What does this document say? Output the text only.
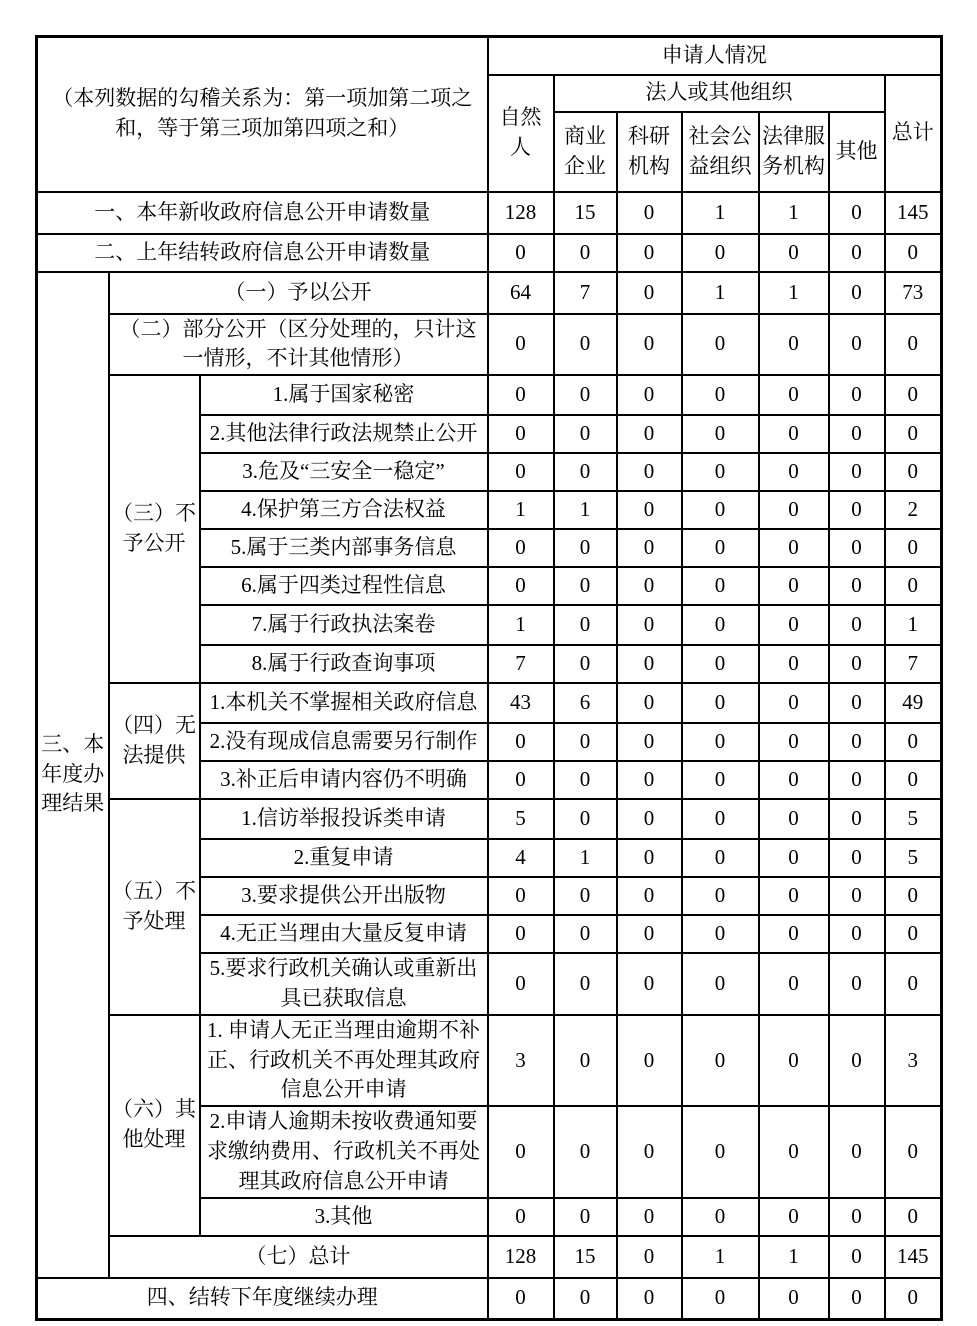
（本列数据的勾稽关系为：第一项加第二项之和，等于第三项加第四项之和）			申请人情况						
			自然人	法人或其他组织					总计
				商业企业	科研机构	社会公益组织	法律服务机构	其他	
一、本年新收政府信息公开申请数量			128	15	0	1	1	0	145
二、上年结转政府信息公开申请数量			0	0	0	0	0	0	0
三、本年度办理结果	（一）予以公开		64	7	0	1	1	0	73
	（二）部分公开（区分处理的，只计这一情形，不计其他情形）		0	0	0	0	0	0	0
	（三）不予公开	1.属于国家秘密	0	0	0	0	0	0	0
		2.其他法律行政法规禁止公开	0	0	0	0	0	0	0
		3.危及“三安全一稳定”	0	0	0	0	0	0	0
		4.保护第三方合法权益	1	1	0	0	0	0	2
		5.属于三类内部事务信息	0	0	0	0	0	0	0
		6.属于四类过程性信息	0	0	0	0	0	0	0
		7.属于行政执法案卷	1	0	0	0	0	0	1
		8.属于行政查询事项	7	0	0	0	0	0	7
	（四）无法提供	1.本机关不掌握相关政府信息	43	6	0	0	0	0	49
		2.没有现成信息需要另行制作	0	0	0	0	0	0	0
		3.补正后申请内容仍不明确	0	0	0	0	0	0	0
	（五）不予处理	1.信访举报投诉类申请	5	0	0	0	0	0	5
		2.重复申请	4	1	0	0	0	0	5
		3.要求提供公开出版物	0	0	0	0	0	0	0
		4.无正当理由大量反复申请	0	0	0	0	0	0	0
		5.要求行政机关确认或重新出具已获取信息	0	0	0	0	0	0	0
	（六）其他处理	1. 申请人无正当理由逾期不补正、行政机关不再处理其政府信息公开申请	3	0	0	0	0	0	3
		2.申请人逾期未按收费通知要求缴纳费用、行政机关不再处理其政府信息公开申请	0	0	0	0	0	0	0
		3.其他	0	0	0	0	0	0	0
	（七）总计		128	15	0	1	1	0	145
四、结转下年度继续办理			0	0	0	0	0	0	0
